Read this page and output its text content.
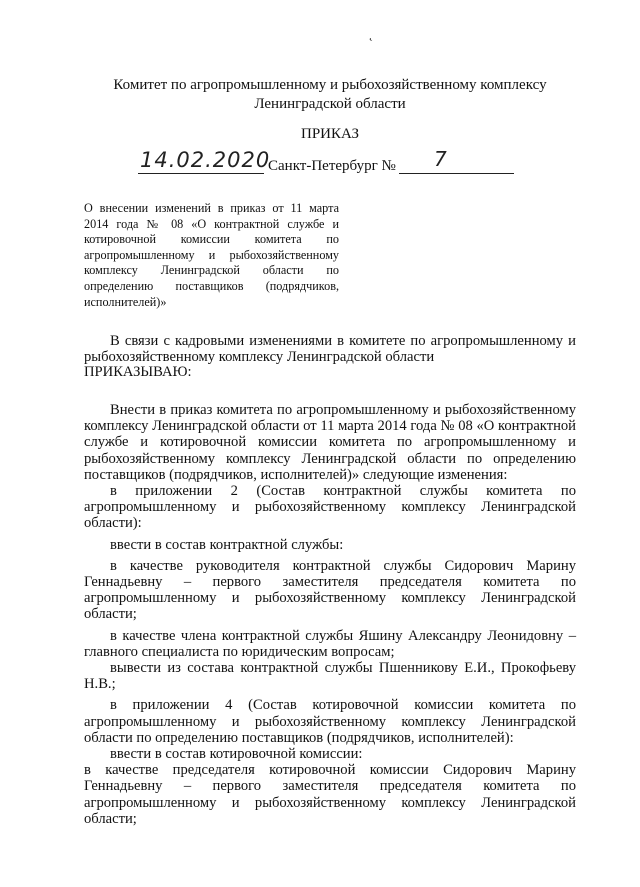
˛
Комитет по агропромышленному и рыбохозяйственному комплексу
Ленинградской области
ПРИКАЗ
14.02.2020
Санкт-Петербург № 7
О внесении изменений в приказ от 11 марта 2014 года № 08 «О контрактной службе и котировочной комиссии комитета по агропромышленному и рыбохозяйственному комплексу Ленинградской области по определению поставщиков (подрядчиков, исполнителей)»

В связи с кадровыми изменениями в комитете по агропромышленному и рыбохозяйственному комплексу Ленинградской области

ПРИКАЗЫВАЮ:

Внести в приказ комитета по агропромышленному и рыбохозяйственному комплексу Ленинградской области от 11 марта 2014 года № 08 «О контрактной службе и котировочной комиссии комитета по агропромышленному и рыбохозяйственному комплексу Ленинградской области по определению поставщиков (подрядчиков, исполнителей)» следующие изменения:

в приложении 2 (Состав контрактной службы комитета по агропромышленному и рыбохозяйственному комплексу Ленинградской области):

ввести в состав контрактной службы:

в качестве руководителя контрактной службы Сидорович Марину Геннадьевну – первого заместителя председателя комитета по агропромышленному и рыбохозяйственному комплексу Ленинградской области;

в качестве члена контрактной службы Яшину Александру Леонидовну – главного специалиста по юридическим вопросам;

вывести из состава контрактной службы Пшенникову Е.И., Прокофьеву Н.В.;

в приложении 4 (Состав котировочной комиссии комитета по агропромышленному и рыбохозяйственному комплексу Ленинградской области по определению поставщиков (подрядчиков, исполнителей):

ввести в состав котировочной комиссии:

в качестве председателя котировочной комиссии Сидорович Марину Геннадьевну – первого заместителя председателя комитета по агропромышленному и рыбохозяйственному комплексу Ленинградской области;
